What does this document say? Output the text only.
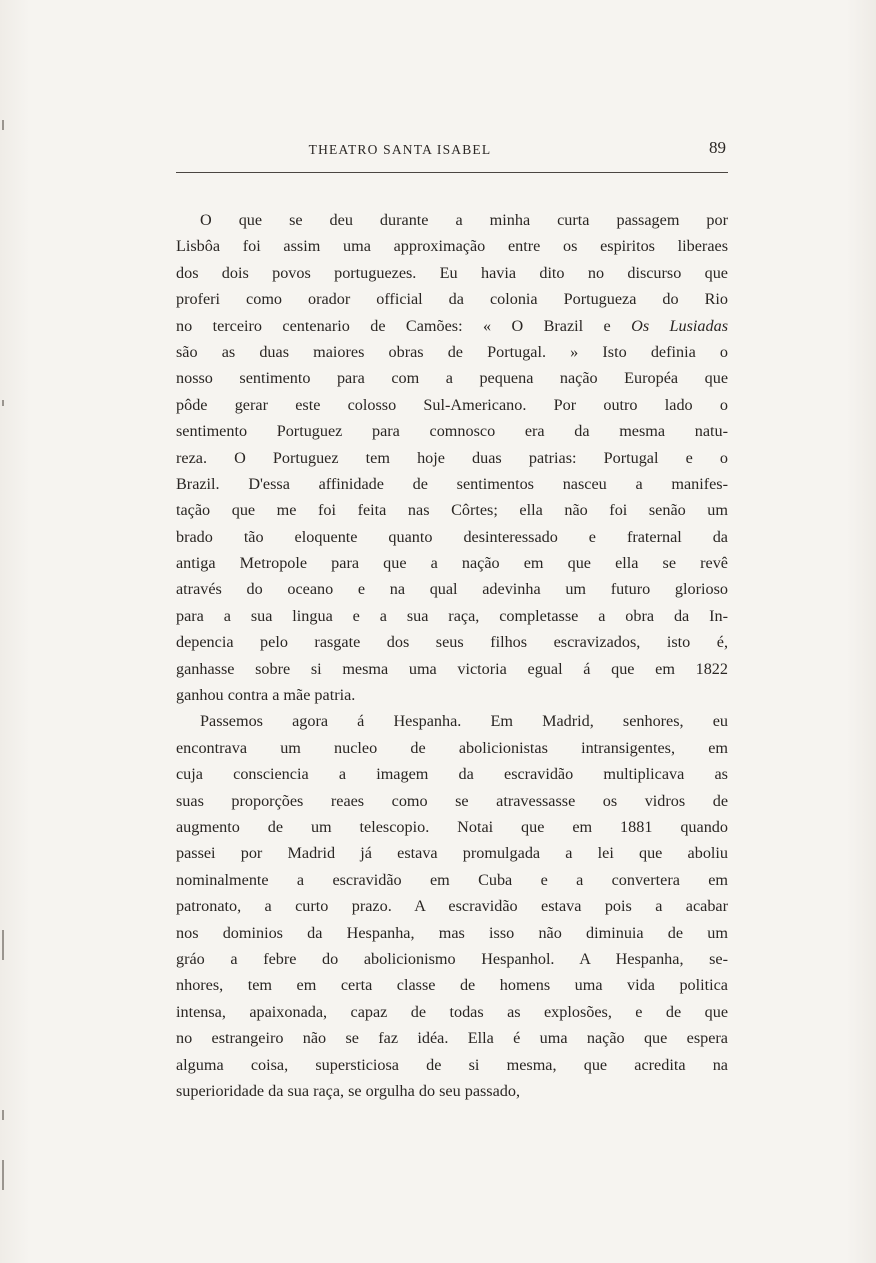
THEATRO SANTA ISABEL	89
O que se deu durante a minha curta passagem por
Lisbôa foi assim uma approximação entre os espiritos liberaes
dos dois povos portuguezes. Eu havia dito no discurso que
proferi como orador official da colonia Portugueza do Rio
no terceiro centenario de Camões: « O Brazil e Os Lusiadas
são as duas maiores obras de Portugal. » Isto definia o
nosso sentimento para com a pequena nação Européa que
pôde gerar este colosso Sul-Americano. Por outro lado o
sentimento Portuguez para comnosco era da mesma natu-
reza. O Portuguez tem hoje duas patrias: Portugal e o
Brazil. D'essa affinidade de sentimentos nasceu a manifes-
tação que me foi feita nas Côrtes; ella não foi senão um
brado tão eloquente quanto desinteressado e fraternal da
antiga Metropole para que a nação em que ella se revê
através do oceano e na qual adevinha um futuro glorioso
para a sua lingua e a sua raça, completasse a obra da In-
depencia pelo rasgate dos seus filhos escravizados, isto é,
ganhasse sobre si mesma uma victoria egual á que em 1822
ganhou contra a mãe patria.
Passemos agora á Hespanha. Em Madrid, senhores, eu
encontrava um nucleo de abolicionistas intransigentes, em
cuja consciencia a imagem da escravidão multiplicava as
suas proporções reaes como se atravessasse os vidros de
augmento de um telescopio. Notai que em 1881 quando
passei por Madrid já estava promulgada a lei que aboliu
nominalmente a escravidão em Cuba e a convertera em
patronato, a curto prazo. A escravidão estava pois a acabar
nos dominios da Hespanha, mas isso não diminuia de um
gráo a febre do abolicionismo Hespanhol. A Hespanha, se-
nhores, tem em certa classe de homens uma vida politica
intensa, apaixonada, capaz de todas as explosões, e de que
no estrangeiro não se faz idéa. Ella é uma nação que espera
alguma coisa, supersticiosa de si mesma, que acredita na
superioridade da sua raça, se orgulha do seu passado,
